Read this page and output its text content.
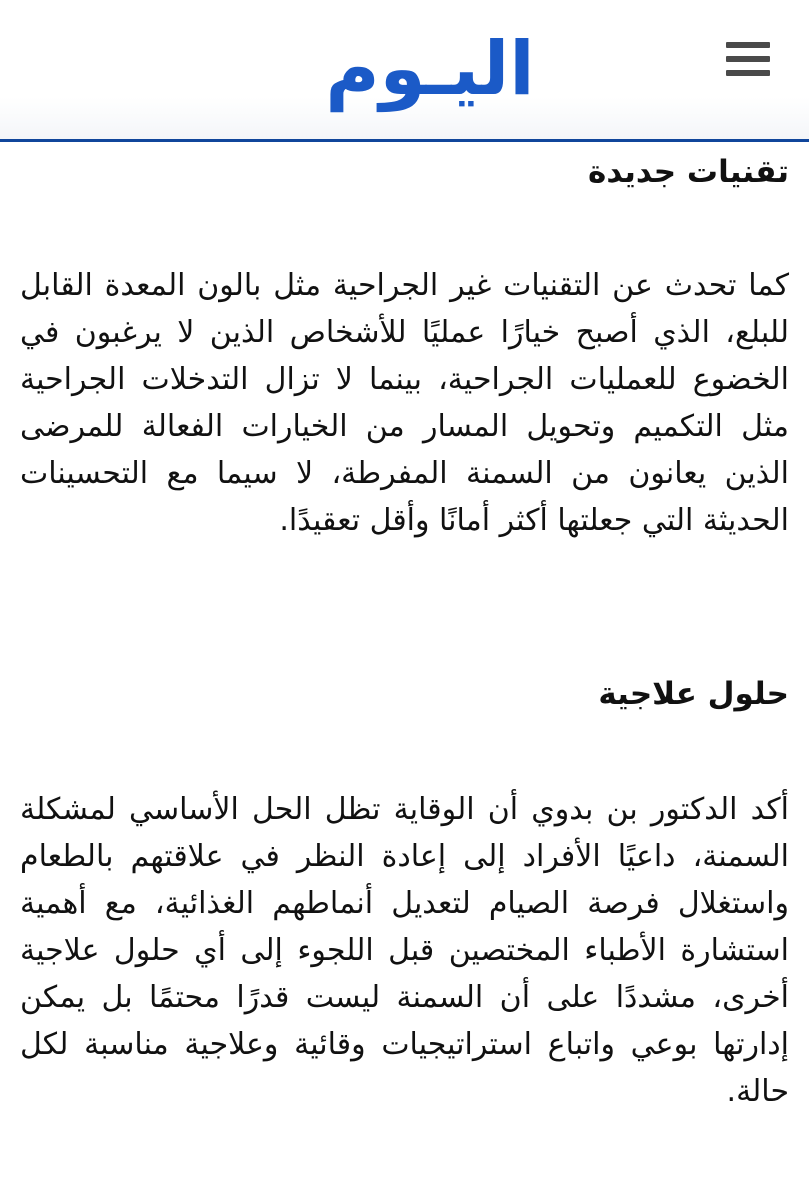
اليـوم
تقنيات جديدة

كما تحدث عن التقنيات غير الجراحية مثل بالون المعدة القابل للبلع، الذي أصبح خيارًا عمليًا للأشخاص الذين لا يرغبون في الخضوع للعمليات الجراحية، بينما لا تزال التدخلات الجراحية مثل التكميم وتحويل المسار من الخيارات الفعالة للمرضى الذين يعانون من السمنة المفرطة، لا سيما مع التحسينات الحديثة التي جعلتها أكثر أمانًا وأقل تعقيدًا.

حلول علاجية

أكد الدكتور بن بدوي أن الوقاية تظل الحل الأساسي لمشكلة السمنة، داعيًا الأفراد إلى إعادة النظر في علاقتهم بالطعام واستغلال فرصة الصيام لتعديل أنماطهم الغذائية، مع أهمية استشارة الأطباء المختصين قبل اللجوء إلى أي حلول علاجية أخرى، مشددًا على أن السمنة ليست قدرًا محتمًا بل يمكن إدارتها بوعي واتباع استراتيجيات وقائية وعلاجية مناسبة لكل حالة.
